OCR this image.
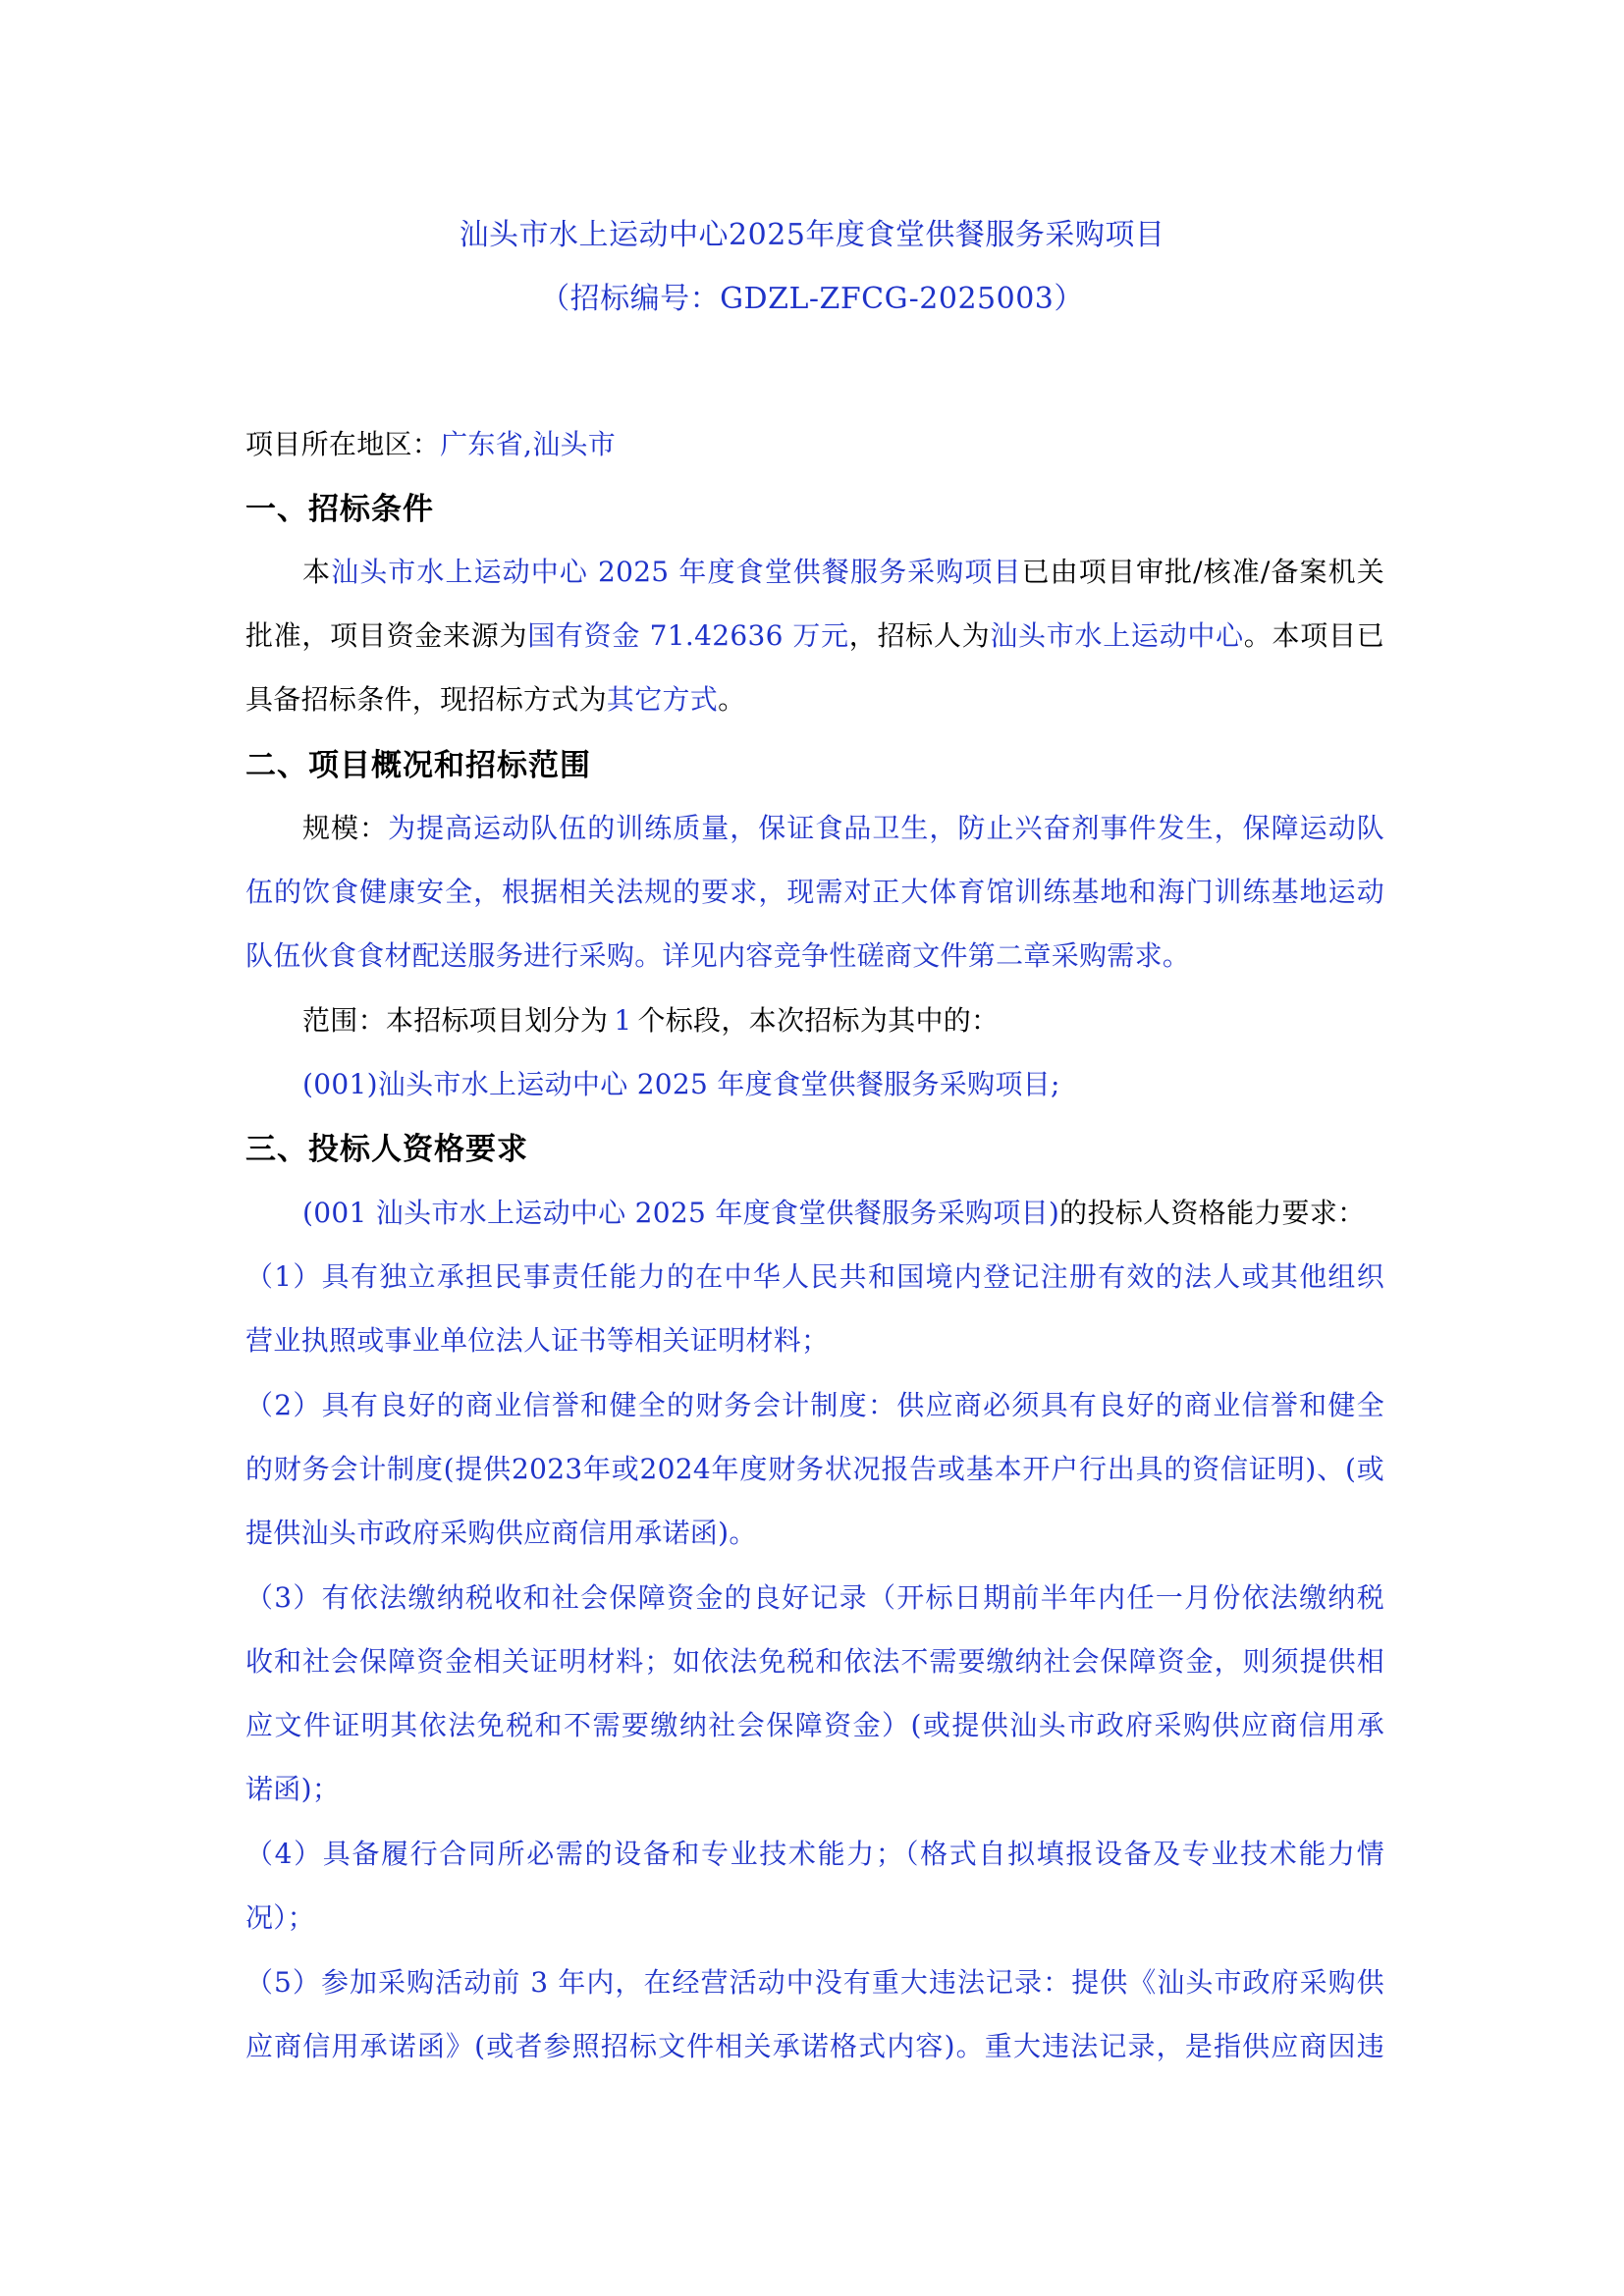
汕头市水上运动中心2025年度食堂供餐服务采购项目
（招标编号：GDZL-ZFCG-2025003）
项目所在地区：广东省,汕头市
一、招标条件
本汕头市水上运动中心 2025 年度食堂供餐服务采购项目已由项目审批/核准/备案机关
批准，项目资金来源为国有资金 71.42636 万元，招标人为汕头市水上运动中心。本项目已
具备招标条件，现招标方式为其它方式。
二、项目概况和招标范围
规模：为提高运动队伍的训练质量，保证食品卫生，防止兴奋剂事件发生，保障运动队
伍的饮食健康安全，根据相关法规的要求，现需对正大体育馆训练基地和海门训练基地运动
队伍伙食食材配送服务进行采购。详见内容竞争性磋商文件第二章采购需求。
范围：本招标项目划分为 1 个标段，本次招标为其中的：
(001)汕头市水上运动中心 2025 年度食堂供餐服务采购项目;
三、投标人资格要求
(001 汕头市水上运动中心 2025 年度食堂供餐服务采购项目)的投标人资格能力要求：
（1）具有独立承担民事责任能力的在中华人民共和国境内登记注册有效的法人或其他组织
营业执照或事业单位法人证书等相关证明材料；
（2）具有良好的商业信誉和健全的财务会计制度：供应商必须具有良好的商业信誉和健全
的财务会计制度(提供2023年或2024年度财务状况报告或基本开户行出具的资信证明)、(或
提供汕头市政府采购供应商信用承诺函)。
（3）有依法缴纳税收和社会保障资金的良好记录（开标日期前半年内任一月份依法缴纳税
收和社会保障资金相关证明材料；如依法免税和依法不需要缴纳社会保障资金，则须提供相
应文件证明其依法免税和不需要缴纳社会保障资金）(或提供汕头市政府采购供应商信用承
诺函)；
（4）具备履行合同所必需的设备和专业技术能力；（格式自拟填报设备及专业技术能力情
况）；
（5）参加采购活动前 3 年内，在经营活动中没有重大违法记录：提供《汕头市政府采购供
应商信用承诺函》(或者参照招标文件相关承诺格式内容)。重大违法记录，是指供应商因违
